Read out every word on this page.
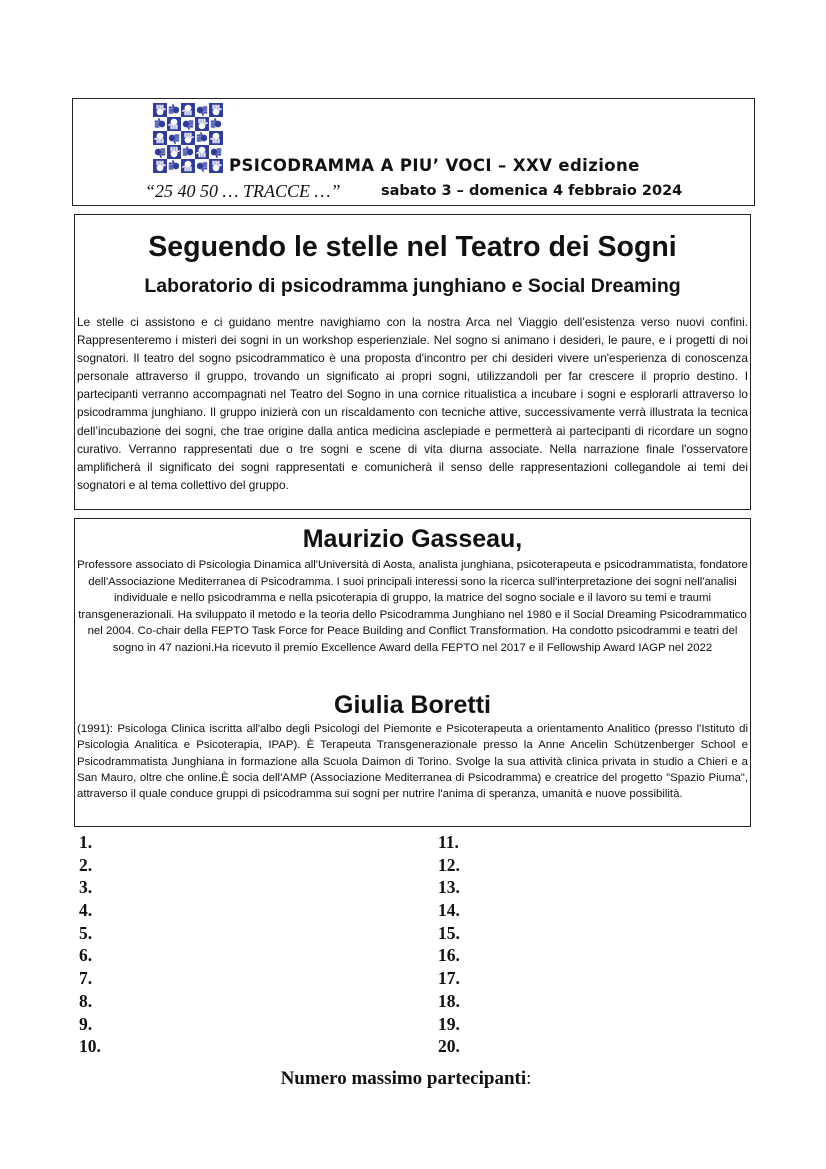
PSICODRAMMA A PIU’ VOCI – XXV edizione
“25 40 50 … TRACCE …”	sabato 3 – domenica 4 febbraio 2024
Seguendo le stelle nel Teatro dei Sogni
Laboratorio di psicodramma junghiano e Social Dreaming

Le stelle ci assistono e ci guidano mentre navighiamo con la nostra Arca nel Viaggio dell’esistenza verso nuovi confini. Rappresenteremo i misteri dei sogni in un workshop esperienziale. Nel sogno si animano i desideri, le paure, e i progetti di noi sognatori. Il teatro del sogno psicodrammatico è una proposta d'incontro per chi desideri vivere un'esperienza di conoscenza personale attraverso il gruppo, trovando un significato ai propri sogni, utilizzandoli per far crescere il proprio destino. I partecipanti verranno accompagnati nel Teatro del Sogno in una cornice ritualistica a incubare i sogni e esplorarli attraverso lo psicodramma junghiano. Il gruppo inizierà con un riscaldamento con tecniche attive, successivamente verrà illustrata la tecnica dell’incubazione dei sogni, che trae origine dalla antica medicina asclepiade e permetterà ai partecipanti di ricordare un sogno curativo. Verranno rappresentati due o tre sogni e scene di vita diurna associate. Nella narrazione finale l'osservatore amplificherà il significato dei sogni rappresentati e comunicherà il senso delle rappresentazioni collegandole ai temi dei sognatori e al tema collettivo del gruppo.

Maurizio Gasseau,

Professore associato di Psicologia Dinamica all'Università di Aosta, analista junghiana, psicoterapeuta e psicodrammatista, fondatore dell'Associazione Mediterranea di Psicodramma. I suoi principali interessi sono la ricerca sull'interpretazione dei sogni nell'analisi individuale e nello psicodramma e nella psicoterapia di gruppo, la matrice del sogno sociale e il lavoro su temi e traumi transgenerazionali. Ha sviluppato il metodo e la teoria dello Psicodramma Junghiano nel 1980 e il Social Dreaming Psicodrammatico nel 2004. Co-chair della FEPTO Task Force for Peace Building and Conflict Transformation. Ha condotto psicodrammi e teatri del sogno in 47 nazioni.Ha ricevuto il premio Excellence Award della FEPTO nel 2017 e il Fellowship Award IAGP nel 2022

Giulia Boretti

(1991): Psicologa Clinica iscritta all'albo degli Psicologi del Piemonte e Psicoterapeuta a orientamento Analitico (presso l'Istituto di Psicologia Analitica e Psicoterapia, IPAP). È Terapeuta Transgenerazionale presso la Anne Ancelin Schützenberger School e Psicodrammatista Junghiana in formazione alla Scuola Daimon di Torino. Svolge la sua attività clinica privata in studio a Chieri e a San Mauro, oltre che online.È socia dell'AMP (Associazione Mediterranea di Psicodramma) e creatrice del progetto "Spazio Piuma", attraverso il quale conduce gruppi di psicodramma sui sogni per nutrire l'anima di speranza, umanità e nuove possibilità.

1.
2.
3.
4.
5.
6.
7.
8.
9.
10.
11.
12.
13.
14.
15.
16.
17.
18.
19.
20.
Numero massimo partecipanti:
